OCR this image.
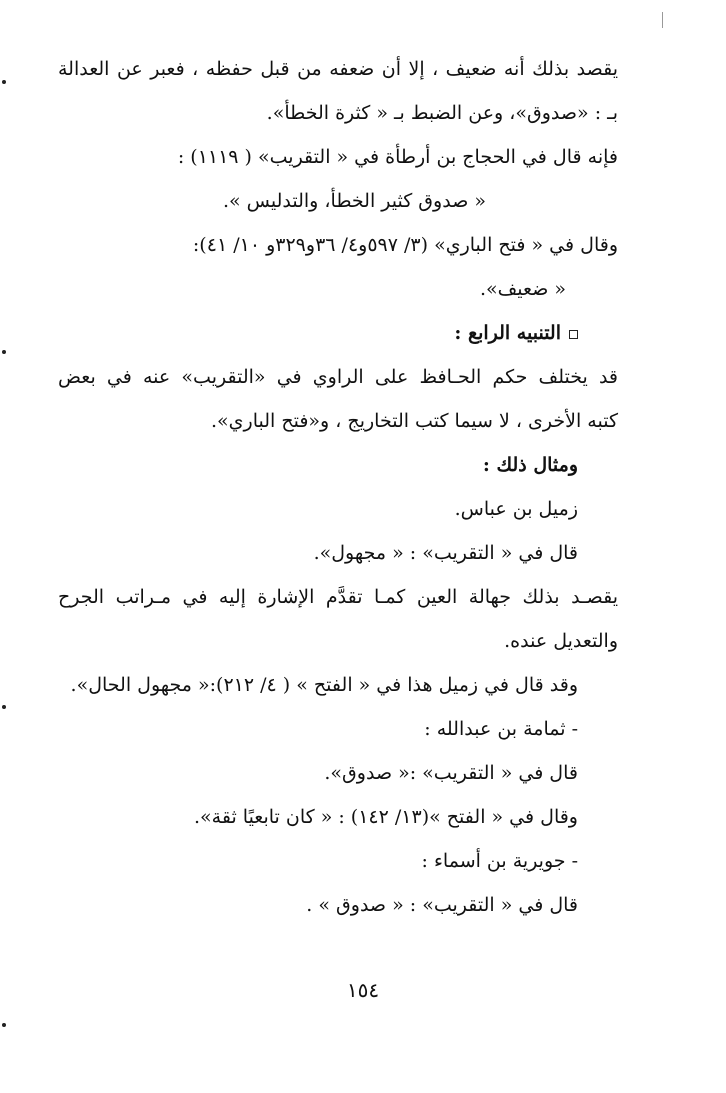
يقصد بذلك أنه ضعيف ، إلا أن ضعفه من قبل حفظه ، فعبر عن العدالة
بـ : «صدوق»، وعن الضبط بـ « كثرة الخطأ».
فإنه قال في الحجاج بن أرطأة في « التقريب» ( ١١١٩) :
« صدوق كثير الخطأ، والتدليس ».
وقال في « فتح الباري» (٣/ ٥٩٧و٤/ ٣٦و٣٢٩و ١٠/ ٤١):
« ضعيف».
التنبيه الرابع :
قد يختلف حكم الحـافظ على الراوي في «التقريب» عنه في بعض
كتبه الأخرى ، لا سيما كتب التخاريج ، و«فتح الباري».
ومثال ذلك :
زميل بن عباس.
قال في « التقريب» : « مجهول».
يقصـد بذلك جهالة العين كمـا تقدَّم الإشارة إليه في مـراتب الجرح
والتعديل عنده.
وقد قال في زميل هذا في « الفتح » ( ٤/ ٢١٢):« مجهول الحال».
- ثمامة بن عبدالله :
قال في « التقريب» :« صدوق».
وقال في « الفتح »(١٣/ ١٤٢) : « كان تابعيًا ثقة».
- جويرية بن أسماء :
قال في « التقريب» : « صدوق » .
١٥٤
